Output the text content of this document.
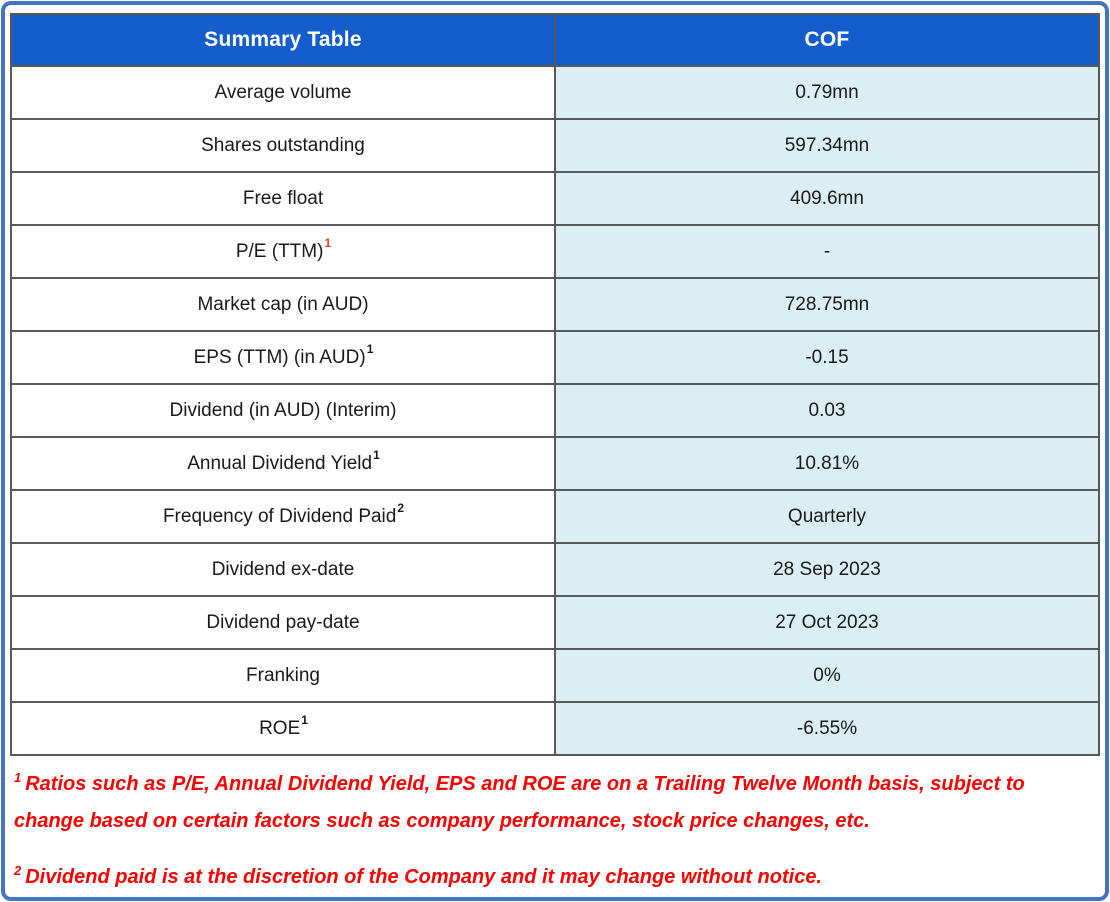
Summary Table	COF
Average volume	0.79mn
Shares outstanding	597.34mn
Free float	409.6mn
P/E (TTM)$^1$	-
Market cap (in AUD)	728.75mn
EPS (TTM) (in AUD)$^1$	-0.15
Dividend (in AUD) (Interim)	0.03
Annual Dividend Yield$^1$	10.81%
Frequency of Dividend Paid$^2$	Quarterly
Dividend ex-date	28 Sep 2023
Dividend pay-date	27 Oct 2023
Franking	0%
ROE$^1$	-6.55%

$^1$ Ratios such as P/E, Annual Dividend Yield, EPS and ROE are on a Trailing Twelve Month basis, subject to change based on certain factors such as company performance, stock price changes, etc.

$^2$ Dividend paid is at the discretion of the Company and it may change without notice.
